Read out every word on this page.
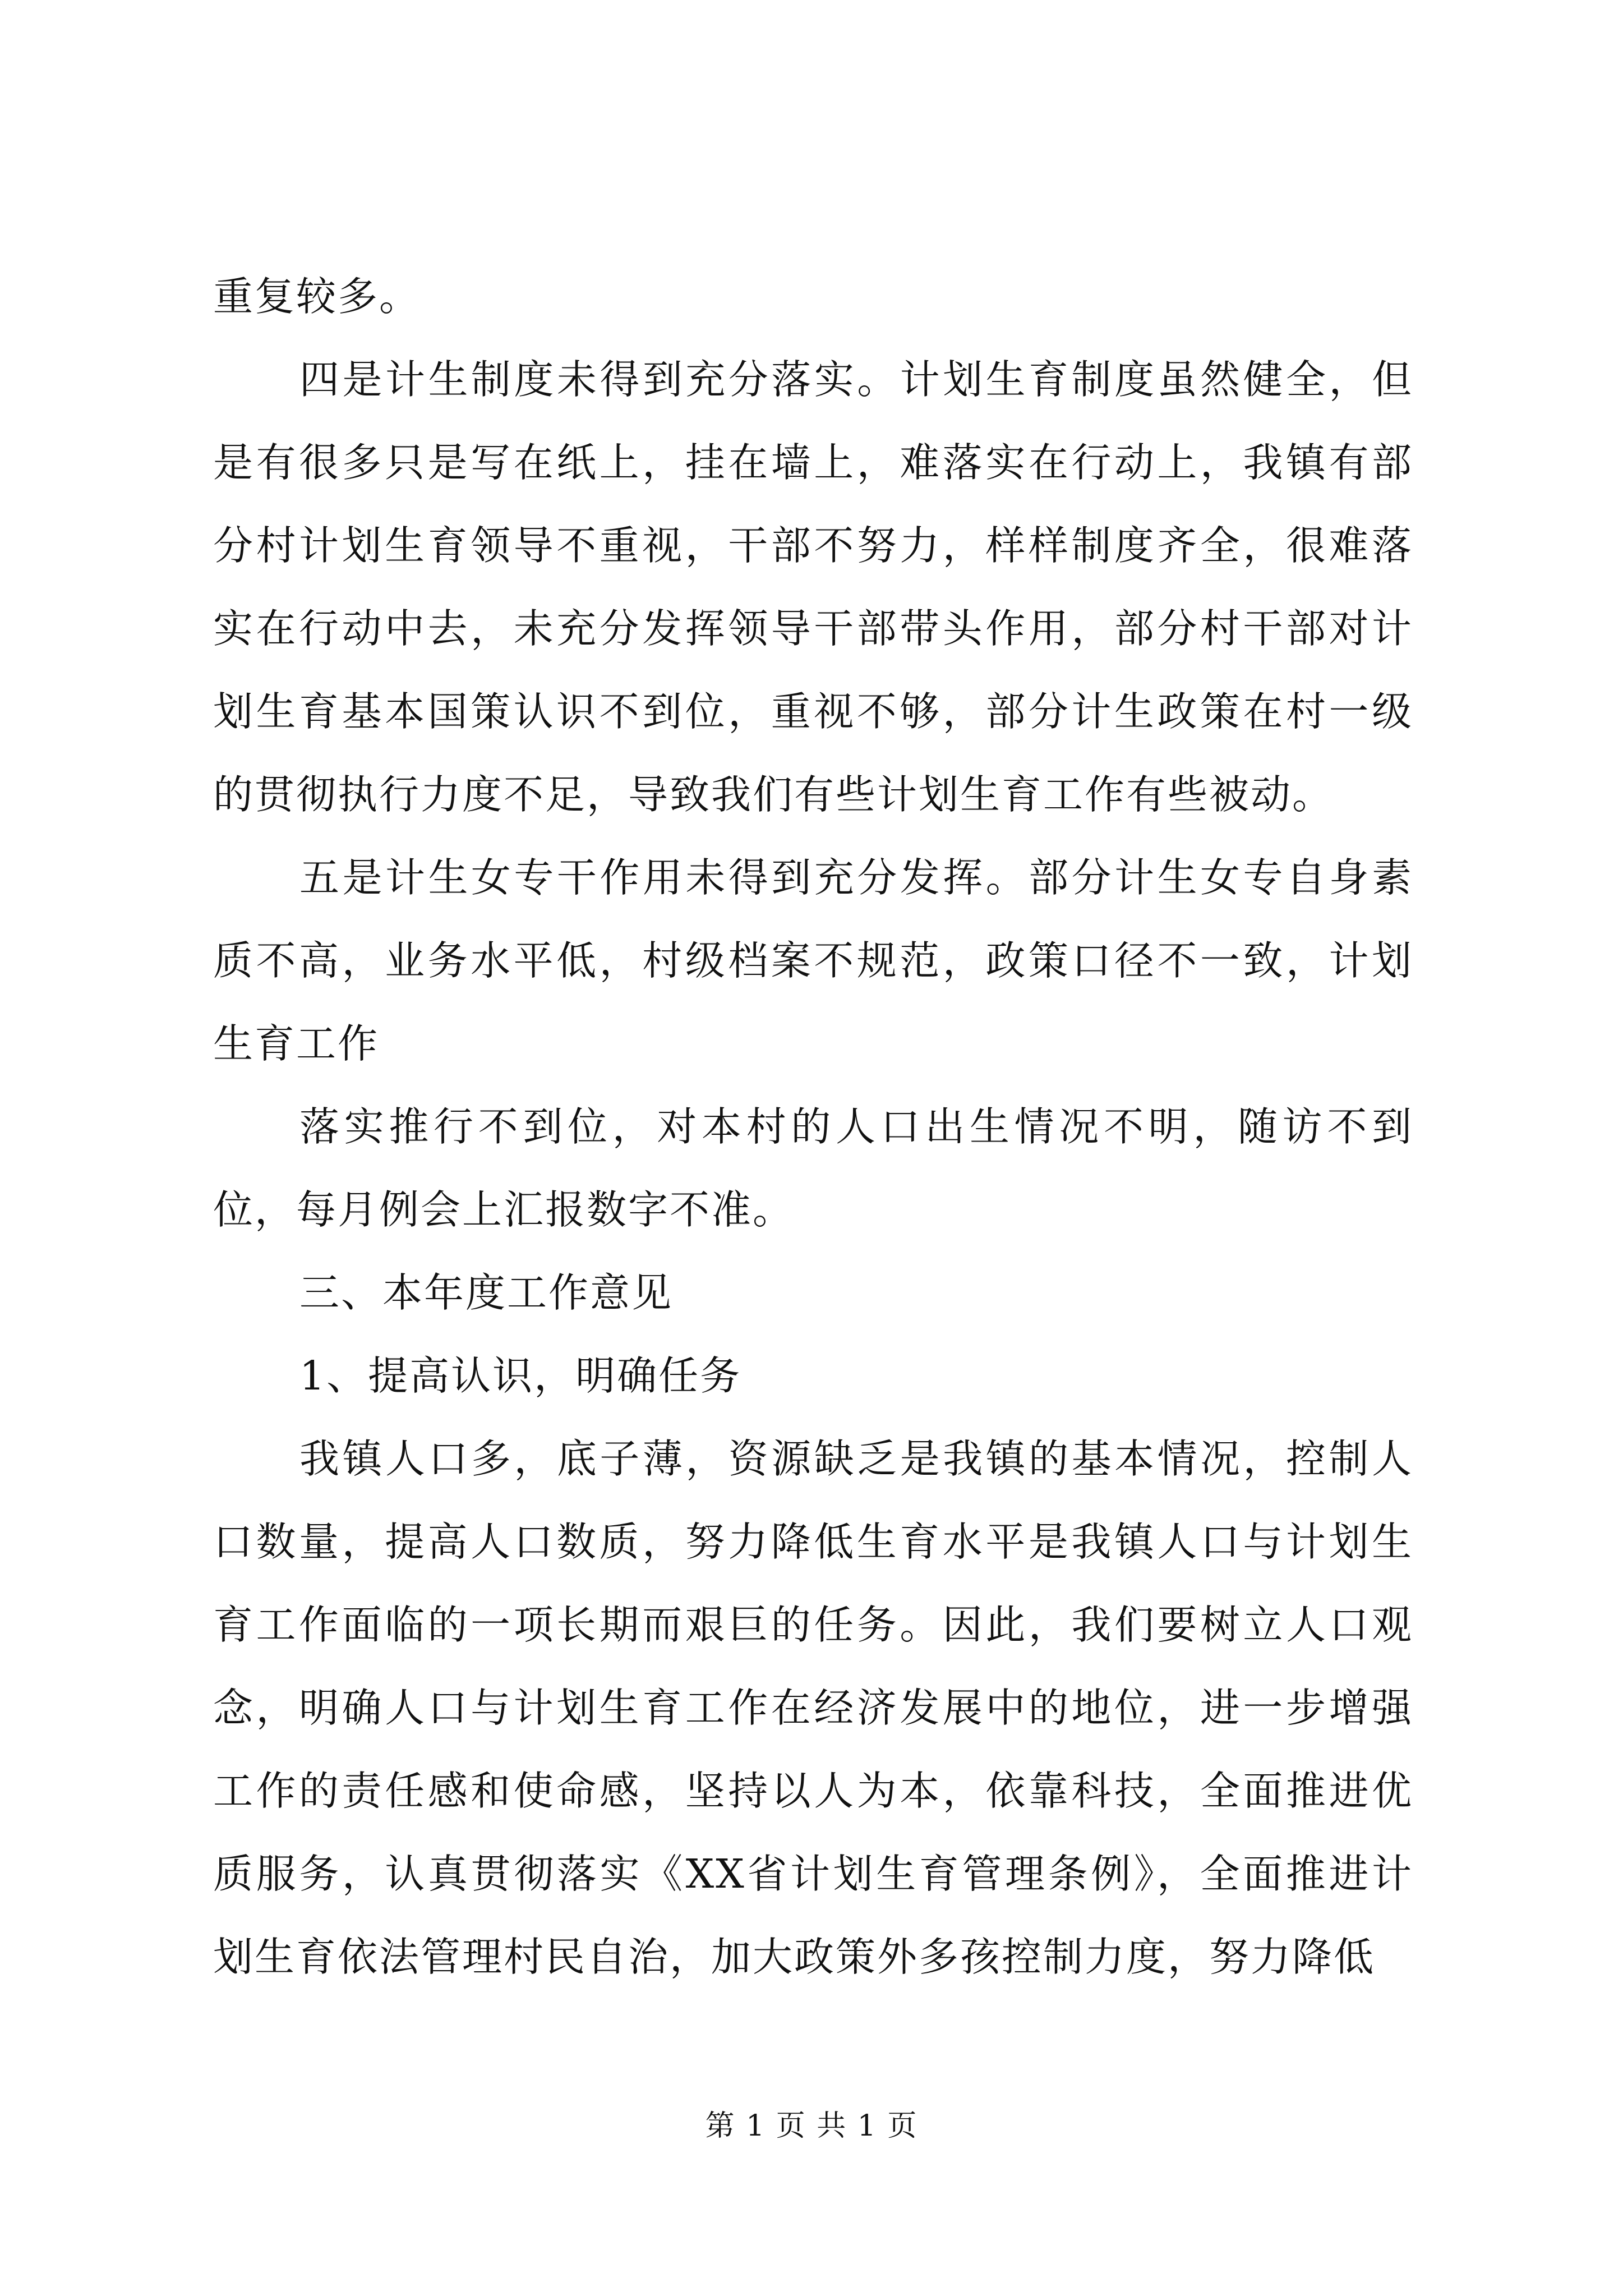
重复较多。

四是计生制度未得到充分落实。计划生育制度虽然健全，但是有很多只是写在纸上，挂在墙上，难落实在行动上，我镇有部分村计划生育领导不重视，干部不努力，样样制度齐全，很难落实在行动中去，未充分发挥领导干部带头作用，部分村干部对计划生育基本国策认识不到位，重视不够，部分计生政策在村一级的贯彻执行力度不足，导致我们有些计划生育工作有些被动。

五是计生女专干作用未得到充分发挥。部分计生女专自身素质不高，业务水平低，村级档案不规范，政策口径不一致，计划生育工作

落实推行不到位，对本村的人口出生情况不明，随访不到位，每月例会上汇报数字不准。

三、本年度工作意见

1、提高认识，明确任务

我镇人口多，底子薄，资源缺乏是我镇的基本情况，控制人口数量，提高人口数质，努力降低生育水平是我镇人口与计划生育工作面临的一项长期而艰巨的任务。因此，我们要树立人口观念，明确人口与计划生育工作在经济发展中的地位，进一步增强工作的责任感和使命感，坚持以人为本，依靠科技，全面推进优质服务，认真贯彻落实《XX省计划生育管理条例》，全面推进计划生育依法管理村民自治，加大政策外多孩控制力度，努力降低

第 1 页 共 1 页
